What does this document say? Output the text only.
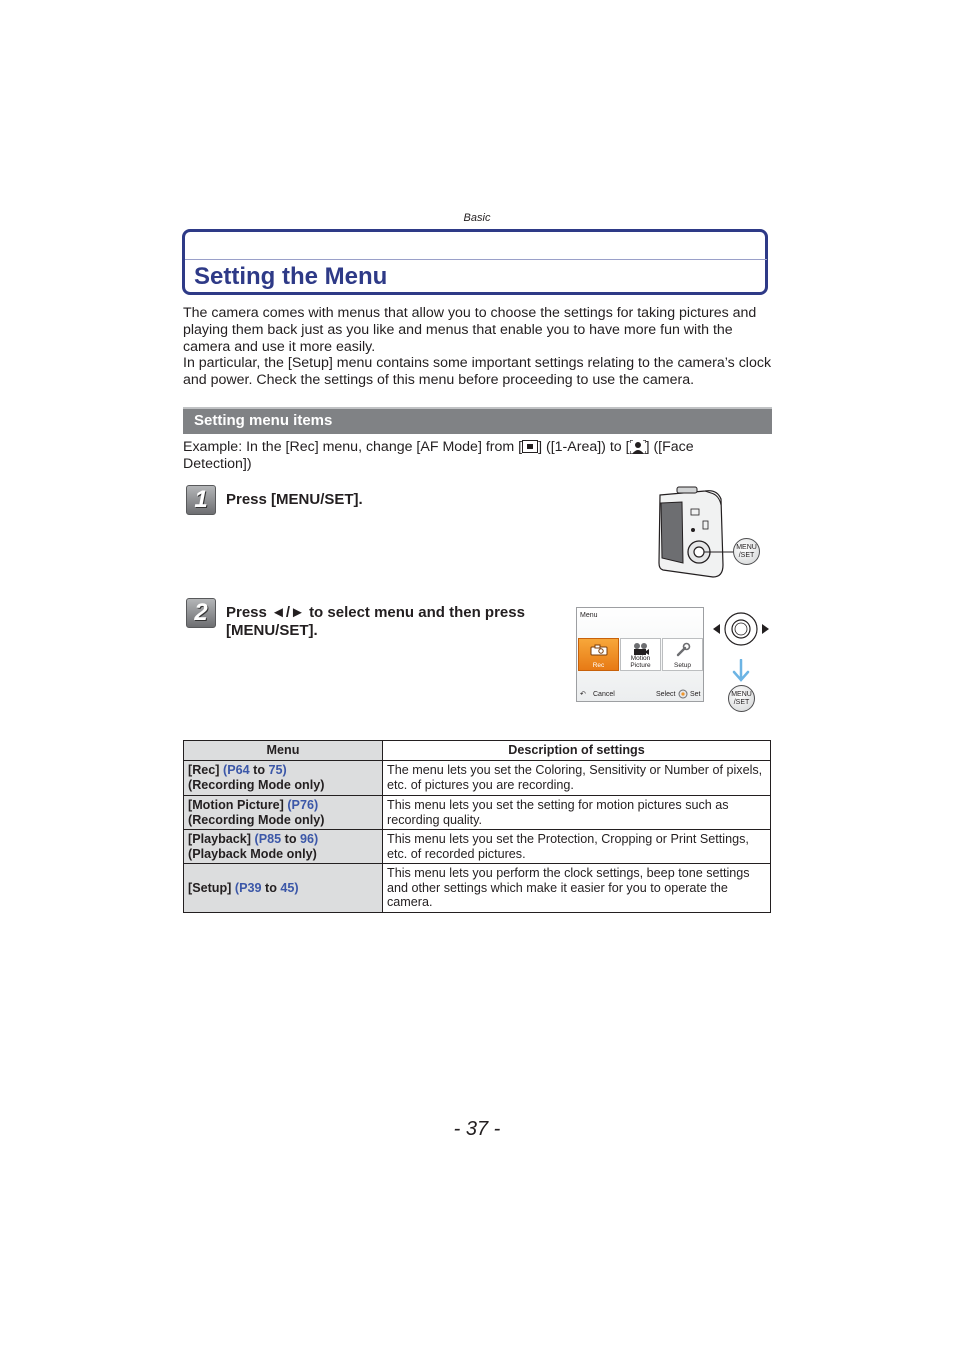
Basic
Setting the Menu

The camera comes with menus that allow you to choose the settings for taking pictures and playing them back just as you like and menus that enable you to have more fun with the camera and use it more easily.

In particular, the [Setup] menu contains some important settings relating to the camera’s clock and power. Check the settings of this menu before proceeding to use the camera.

Setting menu items
Example: In the [Rec] menu, change [AF Mode] from [ ] ([1-Area]) to [ ] ([Face Detection])
1	Press [MENU/SET].
MENU
/SET
2	Press ◄/► to select menu and then press [MENU/SET].
Menu
Rec
Motion Picture	Setup
↶ Cancel	Select Set	MENU
/SET
Menu	Description of settings
[Rec] (P64 to 75)
(Recording Mode only)	The menu lets you set the Coloring, Sensitivity or Number of pixels, etc. of pictures you are recording.
[Motion Picture] (P76)
(Recording Mode only)	This menu lets you set the setting for motion pictures such as recording quality.
[Playback] (P85 to 96)
(Playback Mode only)	This menu lets you set the Protection, Cropping or Print Settings, etc. of recorded pictures.
[Setup] (P39 to 45)	This menu lets you perform the clock settings, beep tone settings and other settings which make it easier for you to operate the camera.
- 37 -
